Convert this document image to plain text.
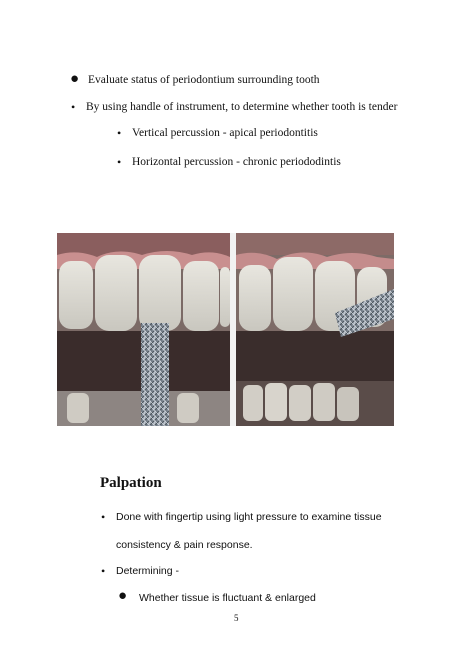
● Evaluate status of periodontium surrounding tooth
• By using handle of instrument, to determine whether tooth is tender
• Vertical percussion - apical periodontitis
• Horizontal percussion - chronic periododintis
Palpation
• Done with fingertip using light pressure to examine tissue
consistency & pain response.
• Determining -
● Whether tissue is fluctuant & enlarged
5
